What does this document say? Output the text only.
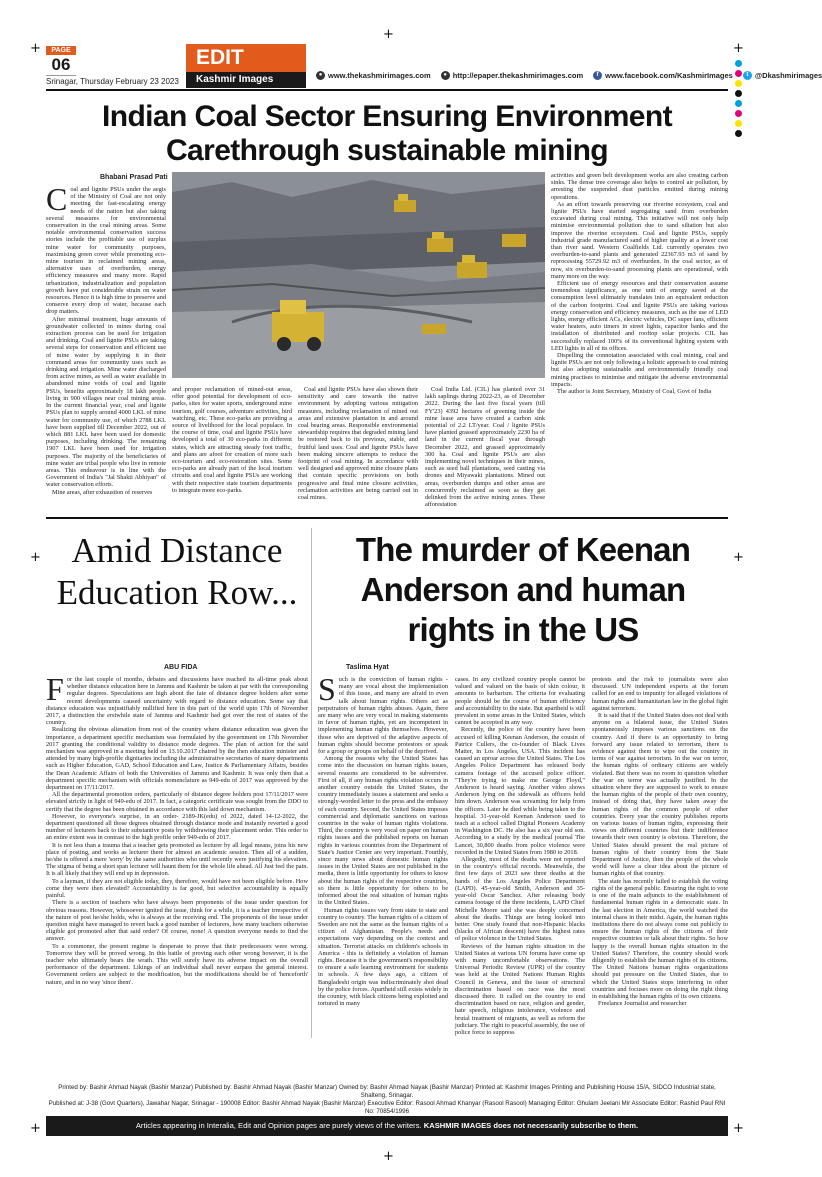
+
+
+
+
+
+
+
+
PAGE
06
Srinagar, Thursday February 23 2023
EDIT
Kashmir Images	● www.thekashmirimages.com	● http://epaper.thekashmirimages.com	f www.facebook.com/KashmirImages	t @Dkashmirimages
Indian Coal Sector Ensuring Environment Carethrough sustainable mining
Bhabani Prasad Pati

Coal and lignite PSUs under the aegis of the Ministry of Coal are not only meeting the fast-escalating energy needs of the nation but also taking several measures for environmental conservation in the coal mining areas. Some notable environmental conservation success stories include the profitable use of surplus mine water for community purposes, maximising green cover while promoting eco-mine tourism in reclaimed mining areas, alternative uses of overburden, energy efficiency measures and many more. Rapid urbanization, industrialization and population growth have put considerable strain on water resources. Hence it is high time to preserve and conserve every drop of water, because each drop matters.

After minimal treatment, huge amounts of groundwater collected in mines during coal extraction process can be used for irrigation and drinking. Coal and lignite PSUs are taking several steps for conservation and efficient use of mine water by supplying it in their command areas for community uses such as drinking and irrigation. Mine water discharged from active mines, as well as water available in abandoned mine voids of coal and lignite PSUs, benefits approximately 18 lakh people living in 900 villages near coal mining areas. In the current financial year, coal and lignite PSUs plan to supply around 4000 LKL of mine water for community use, of which 2788 LKL have been supplied till December 2022, out of which 881 LKL have been used for domestic purposes, including drinking. The remaining 1907 LKL have been used for irrigation purposes. The majority of the beneficiaries of mine water are tribal people who live in remote areas. This endeavour is in line with the Government of India's "Jal Shakti Abhiyan" of water conservation efforts.

Mine areas, after exhaustion of reserves

and proper reclamation of mined-out areas, offer good potential for development of eco-parks, sites for water sports, underground mine tourism, golf courses, adventure activities, bird watching, etc. These eco-parks are providing a source of livelihood for the local populace. In the course of time, coal and lignite PSUs have developed a total of 30 eco-parks in different states, which are attracting steady foot traffic, and plans are afoot for creation of more such eco-tourism and eco-restoration sites. Some eco-parks are already part of the local tourism circuits and coal and lignite PSUs are working with their respective state tourism departments to integrate more eco-parks.

Coal and lignite PSUs have also shown their sensitivity and care towards the native environment by adopting various mitigation measures, including reclamation of mined out areas and extensive plantation in and around coal bearing areas. Responsible environmental stewardship requires that degraded mining land be restored back to its previous, stable, and fruitful land uses. Coal and lignite PSUs have been making sincere attempts to reduce the footprint of coal mining. In accordance with well designed and approved mine closure plans that contain specific provisions on both progressive and final mine closure activities, reclamation activities are being carried out in coal mines.

Coal India Ltd. (CIL) has planted over 31 lakh saplings during 2022-23, as of December 2022. During the last five fiscal years (till FY'23) 4392 hectares of greening inside the mine lease area have created a carbon sink potential of 2.2 LT/year. Coal / lignite PSUs have planted grassed approximately 2230 ha of land in the current fiscal year through December 2022, and grassed approximately 300 ha. Coal and lignite PSUs are also implementing novel techniques in their mines, such as seed ball plantations, seed casting via drones and Miyawaki plantations. Mined out areas, overburden dumps and other areas are concurrently reclaimed as soon as they get delinked from the active mining zones. These afforestation

activities and green belt development works are also creating carbon sinks. The dense tree coverage also helps to control air pollution, by arresting the suspended dust particles emitted during mining operations.

As an effort towards preserving our riverine ecosystem, coal and lignite PSUs have started segregating sand from overburden excavated during coal mining. This initiative will not only help minimise environmental pollution due to sand siltation but also improve the riverine ecosystem. Coal and lignite PSUs, supply industrial grade manufactured sand of higher quality at a lower cost than river sand. Western Coalfields Ltd. currently operates two overburden-to-sand plants and generated 22367.93 m3 of sand by reprocessing 55729.92 m3 of overburden. In the coal sector, as of now, six overburden-to-sand processing plants are operational, with many more on the way.

Efficient use of energy resources and their conservation assume tremendous significance, as one unit of energy saved at the consumption level ultimately translates into an equivalent reduction of the carbon footprint. Coal and lignite PSUs are taking various energy conservation and efficiency measures, such as the use of LED lights, energy efficient ACs, electric vehicles, DC super fans, efficient water heaters, auto timers in street lights, capacitor banks and the installation of distributed and rooftop solar projects. CIL has successfully replaced 100% of its conventional lighting system with LED lights in all of its offices.

Dispelling the connotation associated with coal mining, coal and lignite PSUs are not only following a holistic approach to coal mining but also adopting sustainable and environmentally friendly coal mining practises to minimise and mitigate the adverse environmental impacts.

The author is Joint Secretary, Ministry of Coal, Govt of India

Amid Distance Education Row...
ABU FIDA

For the last couple of months, debates and discussions have reached its all-time peak about whether distance education here in Jammu and Kashmir be taken at par with the corresponding regular degrees. Speculations are high about the fate of distance degree holders after some recent developments caused uncertainty with regard to distance education. Some say that distance education was unjustifiably nullified here in this part of the world upto 17th of November 2017, a distinction the erstwhile state of Jammu and Kashmir had got over the rest of states of the country.

Realizing the obvious alienation from rest of the country where distance education was given the importance, a department specific mechanism was formulated by the government on 17th November 2017 granting the conditional validity to distance mode degrees. The plan of action for the said mechanism was approved in a meeting held on 13.10.2017 chaired by the then education minister and attended by many high-profile dignitaries including the administrative secretaries of many departments such as Higher Education, GAD, School Education and Law, Justice & Parliamentary Affairs, besides the Dean Academic Affairs of both the Universities of Jammu and Kashmir. It was only then that a department specific mechanism with officials nomenclature as 949-edu of 2017 was approved by the department on 17/11/2017.

All the departmental promotion orders, particularly of distance degree holders post 17/11/2017 were elevated strictly in light of 949-edu of 2017. In fact, a categoric certificate was sought from the DDO to certify that the degree has been obtained in accordance with this laid down mechanism.

However, to everyone's surprise, in an order- 2189-JK(edu) of 2022, dated 14-12-2022, the department questioned all those degrees obtained through distance mode and instantly reverted a good number of lecturers back to their substantive posts by withdrawing their placement order. This order to an entire extent was in contrast to the high profile order 949-edu of 2017.

It is not less than a trauma that a teacher gets promoted as lecturer by all legal means, joins his new place of posting, and works as lecturer there for almost an academic session. Then all of a sudden, he/she is offered a mere 'sorry' by the same authorities who until recently were justifying his elevation. The stigma of being a short span lecturer will haunt them for the whole life ahead. All Just feel the pain. It is all likely that they will end up in depression.

To a layman, if they are not eligible today, they, therefore, would have not been eligible before. How come they were then elevated? Accountability is far good, but selective accountability is equally painful.

There is a section of teachers who have always been proponents of the issue under question for obvious reasons. However, whosoever ignited the issue, think for a while, it is a teacher irrespective of the nature of post he/she holds, who is always at the receiving end. The proponents of the issue under question might have managed to revert back a good number of lecturers, how many teachers otherwise eligible got promoted after that said order? Of course, none! A question everyone needs to find the answer.

To a commoner, the present regime is desperate to prove that their predecessors were wrong. Tomorrow they will be proved wrong. In this battle of proving each other wrong however, it is the teacher who ultimately bears the wrath. This will surely have its adverse impact on the overall performance of the department. Likings of an individual shall never surpass the general interest. Government orders are subject to the modification, but the modifications should be of 'henceforth' nature, and in no way 'since them'.

The murder of Keenan Anderson and human rights in the US
Taslima Hyat

Such is the conviction of human rights - many are vocal about the implementation of this issue, and many are afraid to even talk about human rights. Others act as perpetrators of human rights abuses. Again, there are many who are very vocal in making statements in favor of human rights, yet are incompetent in implementing human rights themselves. However, those who are deprived of the adaptive aspects of human rights should become protestors or speak for a group or groups on behalf of the deprived.

Among the reasons why the United States has come into the discussion on human rights issues, several reasons are considered to be subversive. First of all, if any human rights violation occurs in another country outside the United States, the country immediately issues a statement and seeks a strongly-worded letter to the press and the embassy of each country. Second, the United States imposes commercial and diplomatic sanctions on various countries in the wake of human rights violations. Third, the country is very vocal on paper on human rights issues and the published reports on human rights in various countries from the Department of State's Justice Center are very important. Fourthly, since many news about domestic human rights issues in the United States are not published in the media, there is little opportunity for others to know about the human rights of the respective countries, so there is little opportunity for others to be informed about the real situation of human rights in the United States.

Human rights issues vary from state to state and country to country. The human rights of a citizen of Sweden are not the same as the human rights of a citizen of Afghanistan. People's needs and expectations vary depending on the context and situation. Terrorist attacks on children's schools in America - this is definitely a violation of human rights. Because it is the government's responsibility to ensure a safe learning environment for students in schools. A few days ago, a citizen of Bangladeshi origin was indiscriminately shot dead by the police forces. Apartheid still exists widely in the country, with black citizens being exploited and tortured in many

cases. In any civilized country people cannot be valued and valued on the basis of skin colour, it amounts to barbarism. The criteria for evaluating people should be the course of human efficiency and accountability to the state. But apartheid is still prevalent in some areas in the United States, which cannot be accepted in any way.

Recently, the police of the country have been accused of killing Keenan Anderson, the cousin of Patrice Cullers, the co-founder of Black Lives Matter, in Los Angeles, USA. This incident has caused an uproar across the United States. The Los Angeles Police Department has released body camera footage of the accused police officer. "They're trying to make me George Floyd," Anderson is heard saying. Another video shows Anderson lying on the sidewalk as officers hold him down. Anderson was screaming for help from the officers. Later he died while being taken to the hospital. 31-year-old Keenan Anderson used to teach at a school called Digital Pioneers Academy in Washington DC. He also has a six year old son. According to a study by the medical journal The Lancet, 30,800 deaths from police violence were recorded in the United States from 1980 to 2018.

Allegedly, most of the deaths were not reported in the country's official records. Meanwhile, the first few days of 2023 saw three deaths at the hands of the Los Angeles Police Department (LAPD). 45-year-old Smith, Anderson and 35-year-old Oscar Sanchez. After releasing body camera footage of the three incidents, LAPD Chief Michelle Moore said she was deeply concerned about the deaths. Things are being looked into better. One study found that non-Hispanic blacks (blacks of African descent) have the highest rates of police violence in the United States.

Reviews of the human rights situation in the United States at various UN forums have come up with many uncomfortable observations. The Universal Periodic Review (UPR) of the country was held at the United Nations Human Rights Council in Geneva, and the issue of structural discrimination based on race was the most discussed there. It called on the country to end discrimination based on race, religion and gender, hate speech, religious intolerance, violence and brutal treatment of migrants, as well as reform the judiciary. The right to peaceful assembly, the use of police force to suppress

protests and the risk to journalists were also discussed. UN independent experts at the forum called for an end to impunity for alleged violations of human rights and humanitarian law in the global fight against terrorism.

It is said that if the United States does not deal with anyone on a bilateral issue, the United States spontaneously imposes various sanctions on the country. And if there is an opportunity to bring forward any issue related to terrorism, there is evidence against them to wipe out the country in terms of war against terrorism. In the war on terror, the human rights of ordinary citizens are widely violated. But there was no room to question whether the war on terror was actually justified. In the situation where they are supposed to work to ensure the human rights of the people of their own country, instead of doing that, they have taken away the human rights of the common people of other countries. Every year the country publishes reports on various issues of human rights, expressing their views on different countries but their indifference towards their own country is obvious. Therefore, the United States should present the real picture of human rights of their country from the State Department of Justice, then the people of the whole world will have a clear idea about the picture of human rights of that country.

The state has recently failed to establish the voting rights of the general public. Ensuring the right to vote is one of the main adjuncts to the establishment of fundamental human rights in a democratic state. In the last election in America, the world watched the internal chaos in their midst. Again, the human rights institutions there do not always come out publicly to ensure the human rights of the citizens of their respective countries or talk about their rights. So how happy is the overall human rights situation in the United States? Therefore, the country should work diligently to establish the human rights of its citizens. The United Nations human rights organizations should put pressure on the United States, due to which the United States stops interfering in other countries and focuses more on doing the right thing in establishing the human rights of its own citizens.

Freelance Journalist and researcher

Printed by: Bashir Ahmad Nayak (Bashir Manzar) Published by: Bashir Ahmad Nayak (Bashir Manzar) Owned by: Bashir Ahmad Nayak (Bashir Manzar) Printed at: Kashmir Images Printing and Publishing House 15/A, SIDCO Industrial state, Shalteng, Srinagar.
Published at: J-38 (Govt Quarters), Jawahar Nagar, Srinagar - 190008 Editor: Bashir Ahmad Nayak (Bashir Manzar) Executive Editor: Rasool Ahmad Khanyar (Rasool Rasool) Managing Editor: Ghulam Jeelani Mir Associate Editor: Rashid Paul RNI No: 70854/1996
Articles appearing in Interalia, Edit and Opinion pages are purely views of the writers. KASHMIR IMAGES does not necessarily subscribe to them.
